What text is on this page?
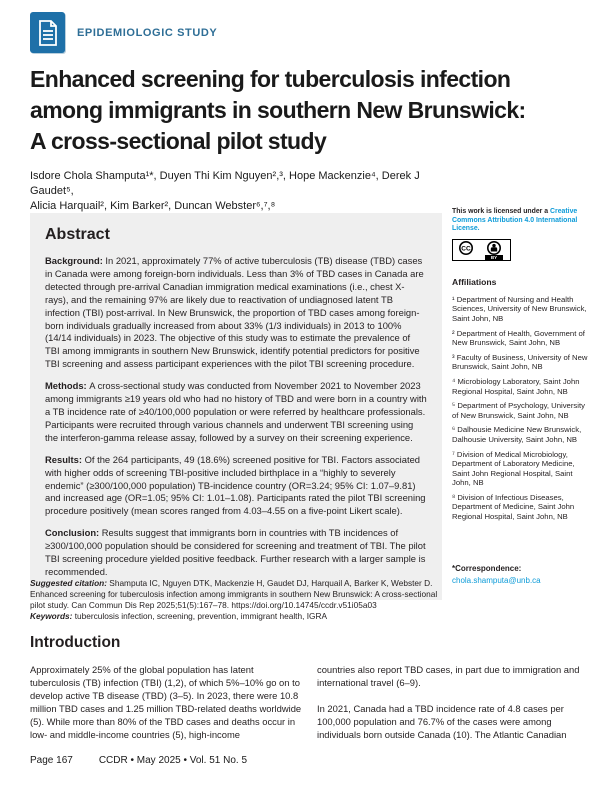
EPIDEMIOLOGIC STUDY
Enhanced screening for tuberculosis infection
among immigrants in southern New Brunswick:
A cross-sectional pilot study
Isdore Chola Shamputa¹*, Duyen Thi Kim Nguyen²,³, Hope Mackenzie⁴, Derek J Gaudet⁵,
Alicia Harquail², Kim Barker², Duncan Webster⁶,⁷,⁸
Abstract

Background: In 2021, approximately 77% of active tuberculosis (TB) disease (TBD) cases in Canada were among foreign-born individuals. Less than 3% of TBD cases in Canada are detected through pre-arrival Canadian immigration medical examinations (i.e., chest X-rays), and the remaining 97% are likely due to reactivation of undiagnosed latent TB infection (TBI) post-arrival. In New Brunswick, the proportion of TBD cases among foreign-born individuals gradually increased from about 33% (1/3 individuals) in 2013 to 100% (14/14 individuals) in 2023. The objective of this study was to estimate the prevalence of TBI among immigrants in southern New Brunswick, identify potential predictors for positive TBI screening and assess participant experiences with the pilot TBI screening procedure.

Methods: A cross-sectional study was conducted from November 2021 to November 2023 among immigrants ≥19 years old who had no history of TBD and were born in a country with a TB incidence rate of ≥40/100,000 population or were referred by healthcare professionals. Participants were recruited through various channels and underwent TBI screening using the interferon-gamma release assay, followed by a survey on their screening experience.

Results: Of the 264 participants, 49 (18.6%) screened positive for TBI. Factors associated with higher odds of screening TBI-positive included birthplace in a “highly to severely endemic” (≥300/100,000 population) TB-incidence country (OR=3.24; 95% CI: 1.07–9.81) and increased age (OR=1.05; 95% CI: 1.01–1.08). Participants rated the pilot TBI screening procedure positively (mean scores ranged from 4.03–4.55 on a five-point Likert scale).

Conclusion: Results suggest that immigrants born in countries with TB incidences of ≥300/100,000 population should be considered for screening and treatment of TBI. The pilot TBI screening procedure yielded positive feedback. Further research with a larger sample is recommended.

Suggested citation: Shamputa IC, Nguyen DTK, Mackenzie H, Gaudet DJ, Harquail A, Barker K, Webster D. Enhanced screening for tuberculosis infection among immigrants in southern New Brunswick: A cross-sectional pilot study. Can Commun Dis Rep 2025;51(5):167–78. https://doi.org/10.14745/ccdr.v51i05a03
Keywords: tuberculosis infection, screening, prevention, immigrant health, IGRA
Introduction

Approximately 25% of the global population has latent tuberculosis (TB) infection (TBI) (1,2), of which 5%–10% go on to develop active TB disease (TBD) (3–5). In 2023, there were 10.8 million TBD cases and 1.25 million TBD-related deaths worldwide (5). While more than 80% of the TBD cases and deaths occur in low- and middle-income countries (5), high-income

countries also report TBD cases, in part due to immigration and international travel (6–9).

In 2021, Canada had a TBD incidence rate of 4.8 cases per 100,000 population and 76.7% of the cases were among individuals born outside Canada (10). The Atlantic Canadian

This work is licensed under a Creative Commons Attribution 4.0 International License.
CC
BY
Affiliations
¹ Department of Nursing and Health Sciences, University of New Brunswick, Saint John, NB
² Department of Health, Government of New Brunswick, Saint John, NB
³ Faculty of Business, University of New Brunswick, Saint John, NB
⁴ Microbiology Laboratory, Saint John Regional Hospital, Saint John, NB
⁵ Department of Psychology, University of New Brunswick, Saint John, NB
⁶ Dalhousie Medicine New Brunswick, Dalhousie University, Saint John, NB
⁷ Division of Medical Microbiology, Department of Laboratory Medicine, Saint John Regional Hospital, Saint John, NB
⁸ Division of Infectious Diseases, Department of Medicine, Saint John Regional Hospital, Saint John, NB
*Correspondence:
chola.shamputa@unb.ca
Page 167	CCDR • May 2025 • Vol. 51 No. 5
